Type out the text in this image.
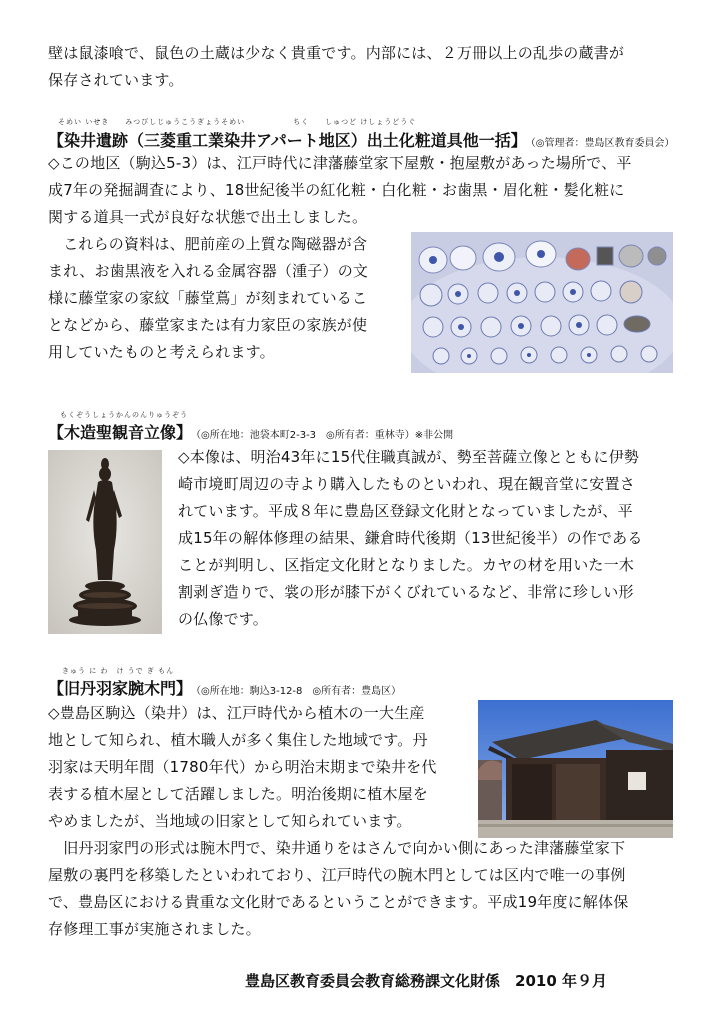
壁は鼠漆喰で、鼠色の土蔵は少なく貴重です。内部には、２万冊以上の乱歩の蔵書が

保存されています。

そめい いせき　　みつびしじゅうこうぎょうそめい　　　　　　ちく　　しゅつど けしょうどうぐ
【染井遺跡（三菱重工業染井アパート地区）出土化粧道具他一括】 （◎管理者：豊島区教育委員会）

◇この地区（駒込5-3）は、江戸時代に津藩藤堂家下屋敷・抱屋敷があった場所で、平

成7年の発掘調査により、18世紀後半の紅化粧・白化粧・お歯黒・眉化粧・髪化粧に

関する道具一式が良好な状態で出土しました。

　これらの資料は、肥前産の上質な陶磁器が含

まれ、お歯黒液を入れる金属容器（湩子）の文

様に藤堂家の家紋「藤堂蔦」が刻まれているこ

となどから、藤堂家または有力家臣の家族が使

用していたものと考えられます。

もくぞうしょうかんのんりゅうぞう
【木造聖観音立像】 （◎所在地：池袋本町2-3-3　◎所有者：重林寺）※非公開

◇本像は、明治43年に15代住職真誠が、勢至菩薩立像とともに伊勢

崎市境町周辺の寺より購入したものといわれ、現在観音堂に安置さ

れています。平成８年に豊島区登録文化財となっていましたが、平

成15年の解体修理の結果、鎌倉時代後期（13世紀後半）の作である

ことが判明し、区指定文化財となりました。カヤの材を用いた一木

割剥ぎ造りで、裳の形が膝下がくびれているなど、非常に珍しい形

の仏像です。

きゅう に わ　け うで ぎ もん
【旧丹羽家腕木門】 （◎所在地：駒込3-12-8　◎所有者：豊島区）

◇豊島区駒込（染井）は、江戸時代から植木の一大生産

地として知られ、植木職人が多く集住した地域です。丹

羽家は天明年間（1780年代）から明治末期まで染井を代

表する植木屋として活躍しました。明治後期に植木屋を

やめましたが、当地域の旧家として知られています。

　旧丹羽家門の形式は腕木門で、染井通りをはさんで向かい側にあった津藩藤堂家下

屋敷の裏門を移築したといわれており、江戸時代の腕木門としては区内で唯一の事例

で、豊島区における貴重な文化財であるということができます。平成19年度に解体保

存修理工事が実施されました。

豊島区教育委員会教育総務課文化財係　2010 年９月
